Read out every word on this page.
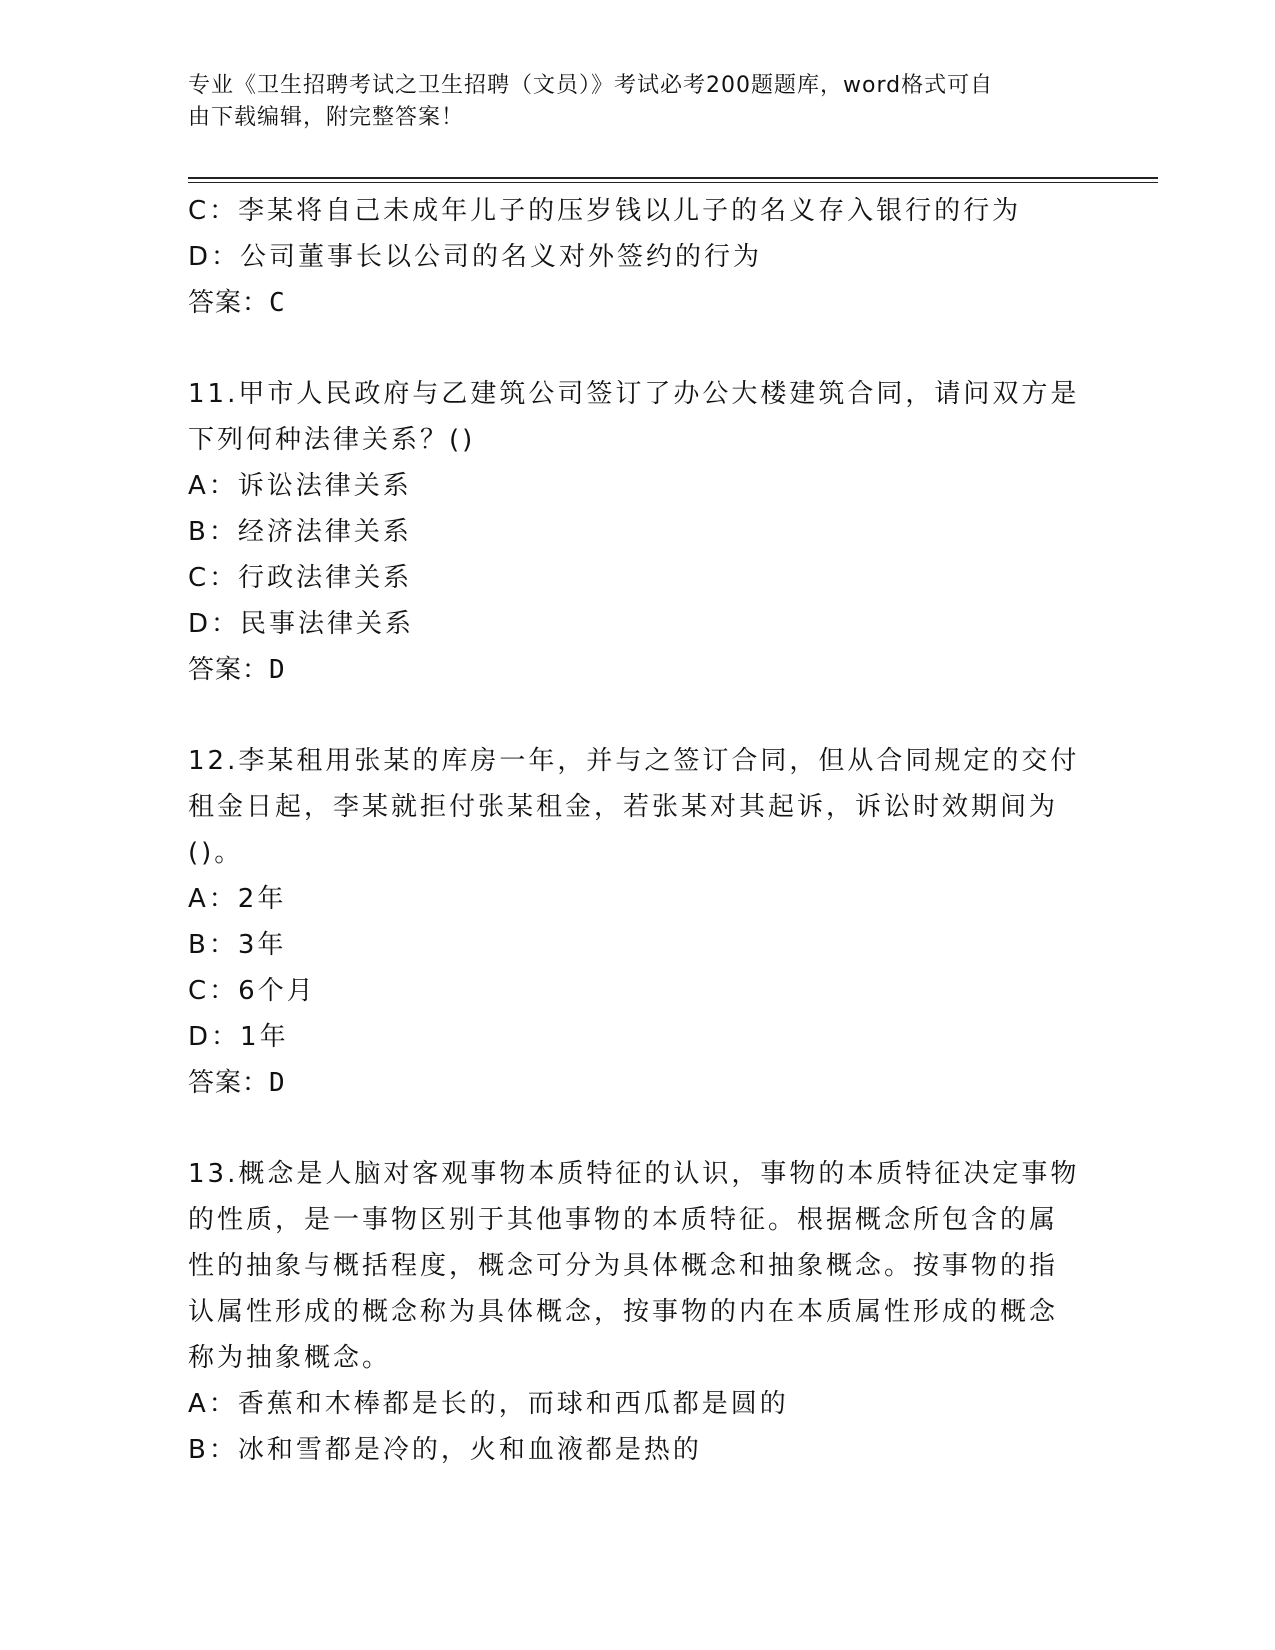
专业《卫生招聘考试之卫生招聘（文员）》考试必考200题题库，word格式可自
由下载编辑，附完整答案！
C：李某将自己未成年儿子的压岁钱以儿子的名义存入银行的行为
D：公司董事长以公司的名义对外签约的行为
答案：C
11.甲市人民政府与乙建筑公司签订了办公大楼建筑合同，请问双方是
下列何种法律关系？()
A：诉讼法律关系
B：经济法律关系
C：行政法律关系
D：民事法律关系
答案：D
12.李某租用张某的库房一年，并与之签订合同，但从合同规定的交付
租金日起，李某就拒付张某租金，若张某对其起诉，诉讼时效期间为
()。
A：2年
B：3年
C：6个月
D：1年
答案：D
13.概念是人脑对客观事物本质特征的认识，事物的本质特征决定事物
的性质，是一事物区别于其他事物的本质特征。根据概念所包含的属
性的抽象与概括程度，概念可分为具体概念和抽象概念。按事物的指
认属性形成的概念称为具体概念，按事物的内在本质属性形成的概念
称为抽象概念。
A：香蕉和木棒都是长的，而球和西瓜都是圆的
B：冰和雪都是冷的，火和血液都是热的
